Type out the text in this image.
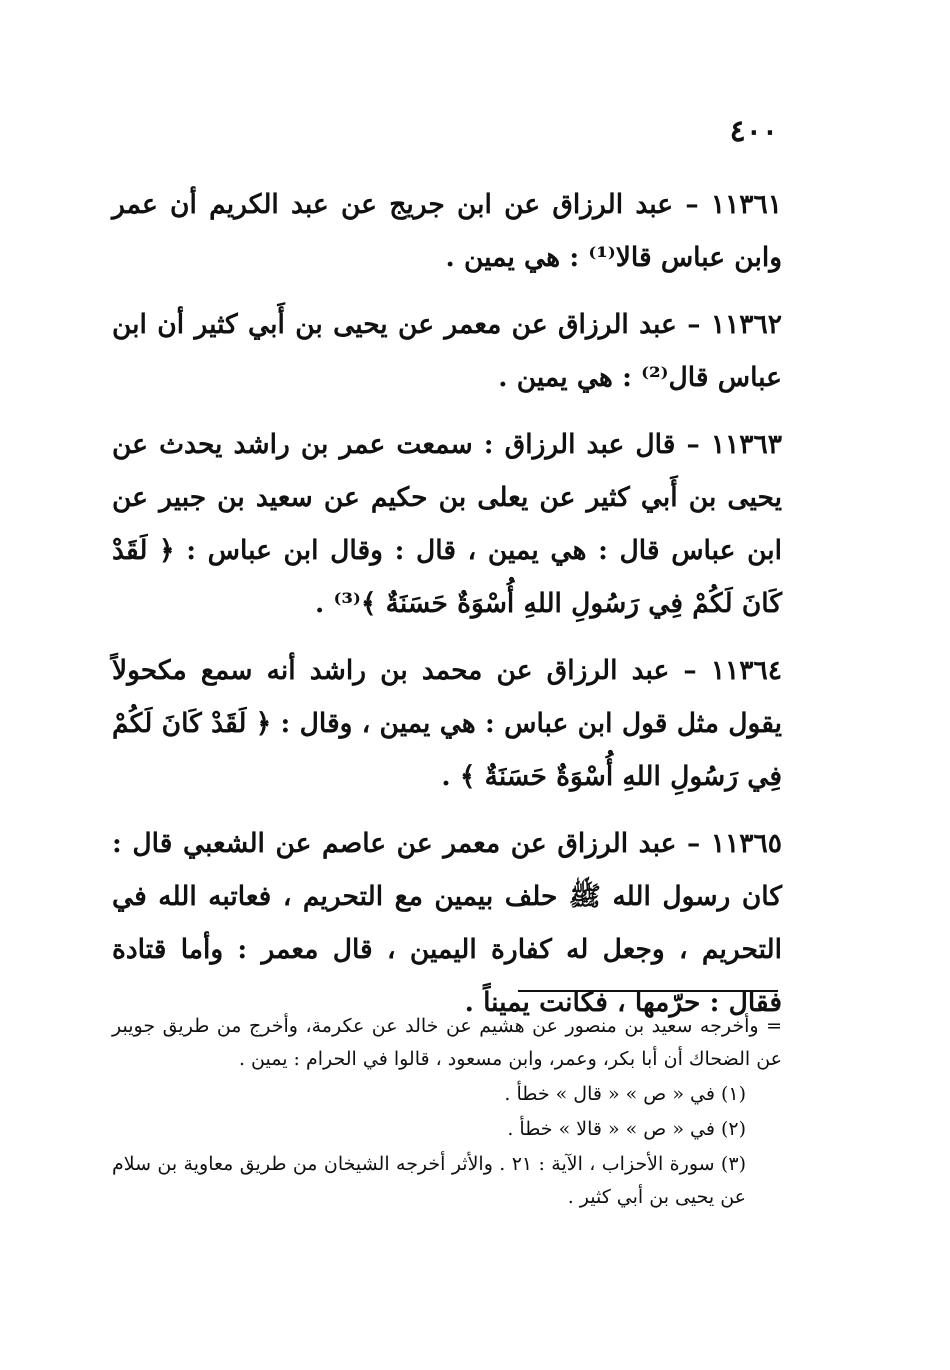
٤٠٠

١١٣٦١ – عبد الرزاق عن ابن جريج عن عبد الكريم أن عمر وابن عباس قالا⁽¹⁾ : هي يمين .

١١٣٦٢ – عبد الرزاق عن معمر عن يحيى بن أَبي كثير أن ابن عباس قال⁽²⁾ : هي يمين .

١١٣٦٣ – قال عبد الرزاق : سمعت عمر بن راشد يحدث عن يحيى بن أَبي كثير عن يعلى بن حكيم عن سعيد بن جبير عن ابن عباس قال : هي يمين ، قال : وقال ابن عباس : ﴿ لَقَدْ كَانَ لَكُمْ فِي رَسُولِ اللهِ أُسْوَةٌ حَسَنَةٌ ﴾⁽³⁾ .

١١٣٦٤ – عبد الرزاق عن محمد بن راشد أنه سمع مكحولاً يقول مثل قول ابن عباس : هي يمين ، وقال : ﴿ لَقَدْ كَانَ لَكُمْ فِي رَسُولِ اللهِ أُسْوَةٌ حَسَنَةٌ ﴾ .

١١٣٦٥ – عبد الرزاق عن معمر عن عاصم عن الشعبي قال : كان رسول الله ﷺ حلف بيمين مع التحريم ، فعاتبه الله في التحريم ، وجعل له كفارة اليمين ، قال معمر : وأما قتادة فقال : حرّمها ، فكانت يميناً .

= وأخرجه سعيد بن منصور عن هشيم عن خالد عن عكرمة، وأخرج من طريق جويبر عن الضحاك أن أبا بكر، وعمر، وابن مسعود ، قالوا في الحرام : يمين .

(١) في « ص » « قال » خطأ .

(٢) في « ص » « قالا » خطأ .

(٣) سورة الأحزاب ، الآية : ٢١ . والأثر أخرجه الشيخان من طريق معاوية بن سلام عن يحيى بن أبي كثير .
